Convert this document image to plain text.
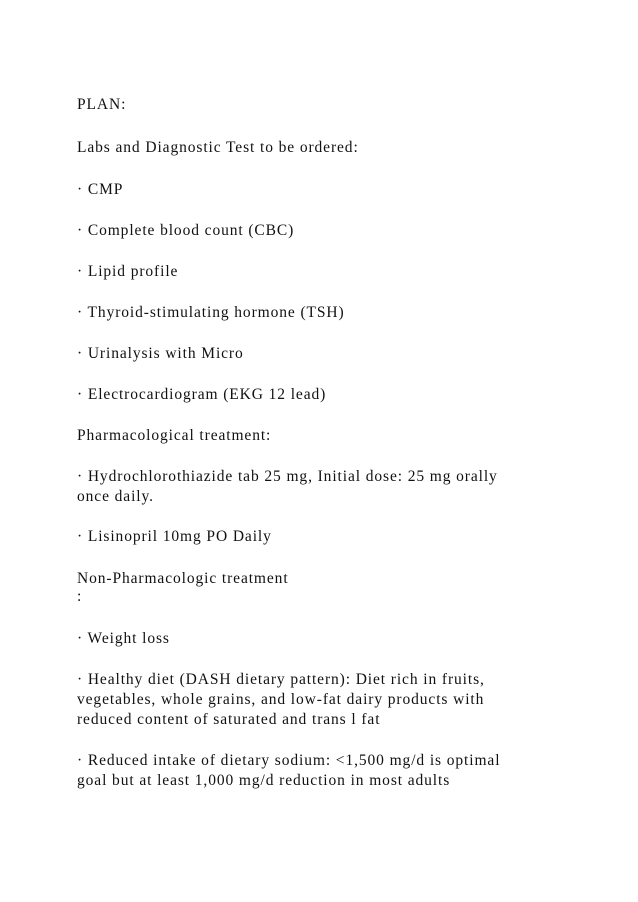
PLAN:

Labs and Diagnostic Test to be ordered:

· CMP

· Complete blood count (CBC)

· Lipid profile

· Thyroid-stimulating hormone (TSH)

· Urinalysis with Micro

· Electrocardiogram (EKG 12 lead)

Pharmacological treatment:

· Hydrochlorothiazide tab 25 mg, Initial dose: 25 mg orally

once daily.

· Lisinopril 10mg PO Daily

Non-Pharmacologic treatment

:

· Weight loss

· Healthy diet (DASH dietary pattern): Diet rich in fruits,

vegetables, whole grains, and low-fat dairy products with

reduced content of saturated and trans l fat

· Reduced intake of dietary sodium: <1,500 mg/d is optimal

goal but at least 1,000 mg/d reduction in most adults
